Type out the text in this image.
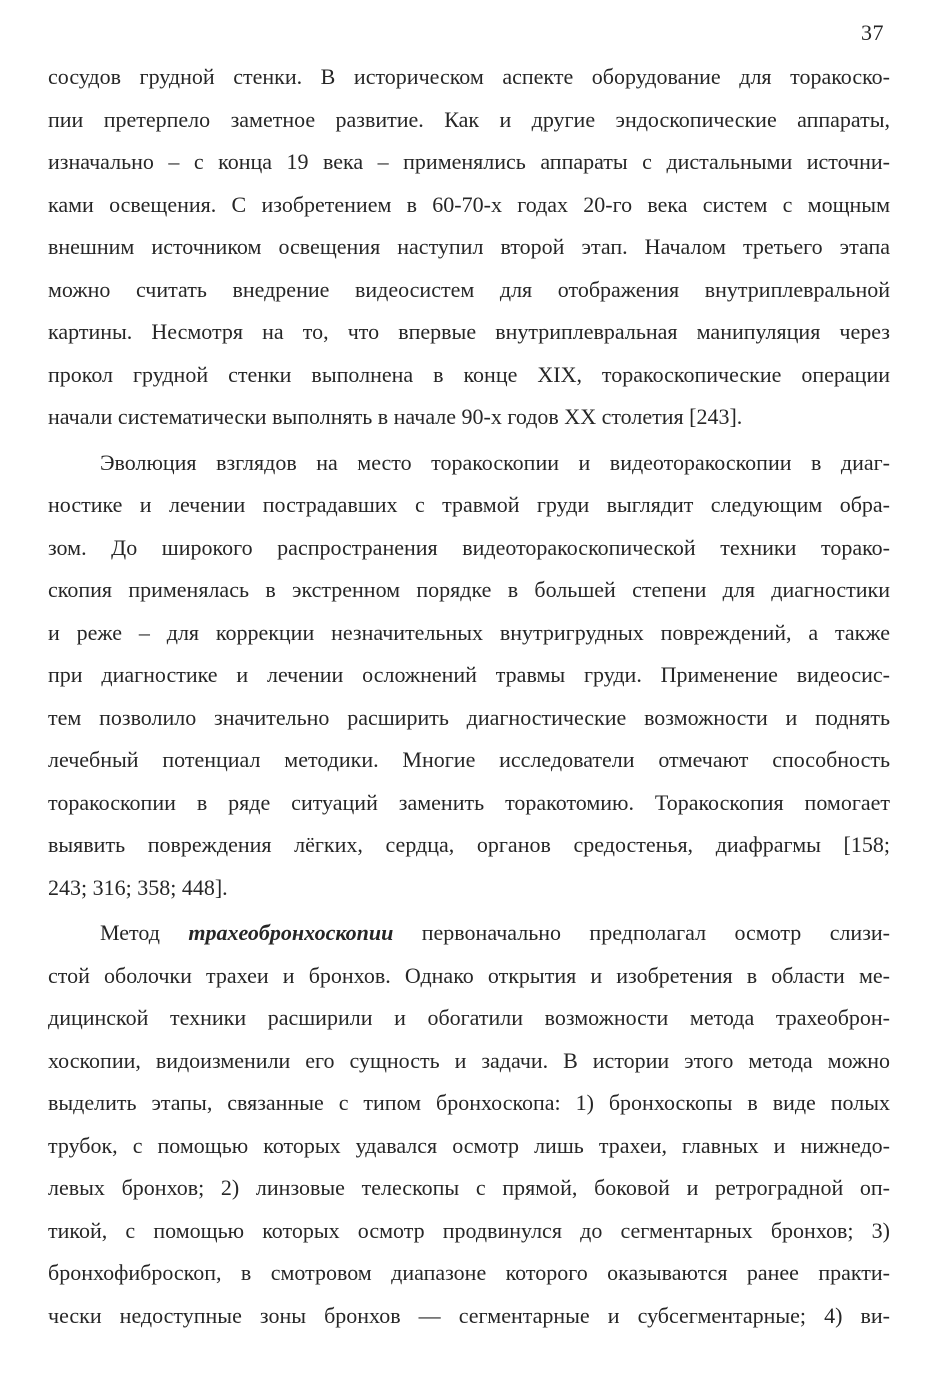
37
сосудов грудной стенки. В историческом аспекте оборудование для торакоско-
пии претерпело заметное развитие. Как и другие эндоскопические аппараты,
изначально – с конца 19 века – применялись аппараты с дистальными источни-
ками освещения. С изобретением в 60-70-х годах 20-го века систем с мощным
внешним источником освещения наступил второй этап. Началом третьего этапа
можно считать внедрение видеосистем для отображения внутриплевральной
картины. Несмотря на то, что впервые внутриплевральная манипуляция через
прокол грудной стенки выполнена в конце XIX, торакоскопические операции
начали систематически выполнять в начале 90-х годов XX столетия [243].
Эволюция взглядов на место торакоскопии и видеоторакоскопии в диаг-
ностике и лечении пострадавших с травмой груди выглядит следующим обра-
зом. До широкого распространения видеоторакоскопической техники торако-
скопия применялась в экстренном порядке в большей степени для диагностики
и реже – для коррекции незначительных внутригрудных повреждений, а также
при диагностике и лечении осложнений травмы груди. Применение видеосис-
тем позволило значительно расширить диагностические возможности и поднять
лечебный потенциал методики. Многие исследователи отмечают способность
торакоскопии в ряде ситуаций заменить торакотомию. Торакоскопия помогает
выявить повреждения лёгких, сердца, органов средостенья, диафрагмы [158;
243; 316; 358; 448].
Метод трахеобронхоскопии первоначально предполагал осмотр слизи-
стой оболочки трахеи и бронхов. Однако открытия и изобретения в области ме-
дицинской техники расширили и обогатили возможности метода трахеоброн-
хоскопии, видоизменили его сущность и задачи. В истории этого метода можно
выделить этапы, связанные с типом бронхоскопа: 1) бронхоскопы в виде полых
трубок, с помощью которых удавался осмотр лишь трахеи, главных и нижнедо-
левых бронхов; 2) линзовые телескопы с прямой, боковой и ретроградной оп-
тикой, с помощью которых осмотр продвинулся до сегментарных бронхов; 3)
бронхофиброскоп, в смотровом диапазоне которого оказываются ранее практи-
чески недоступные зоны бронхов — сегментарные и субсегментарные; 4) ви-
